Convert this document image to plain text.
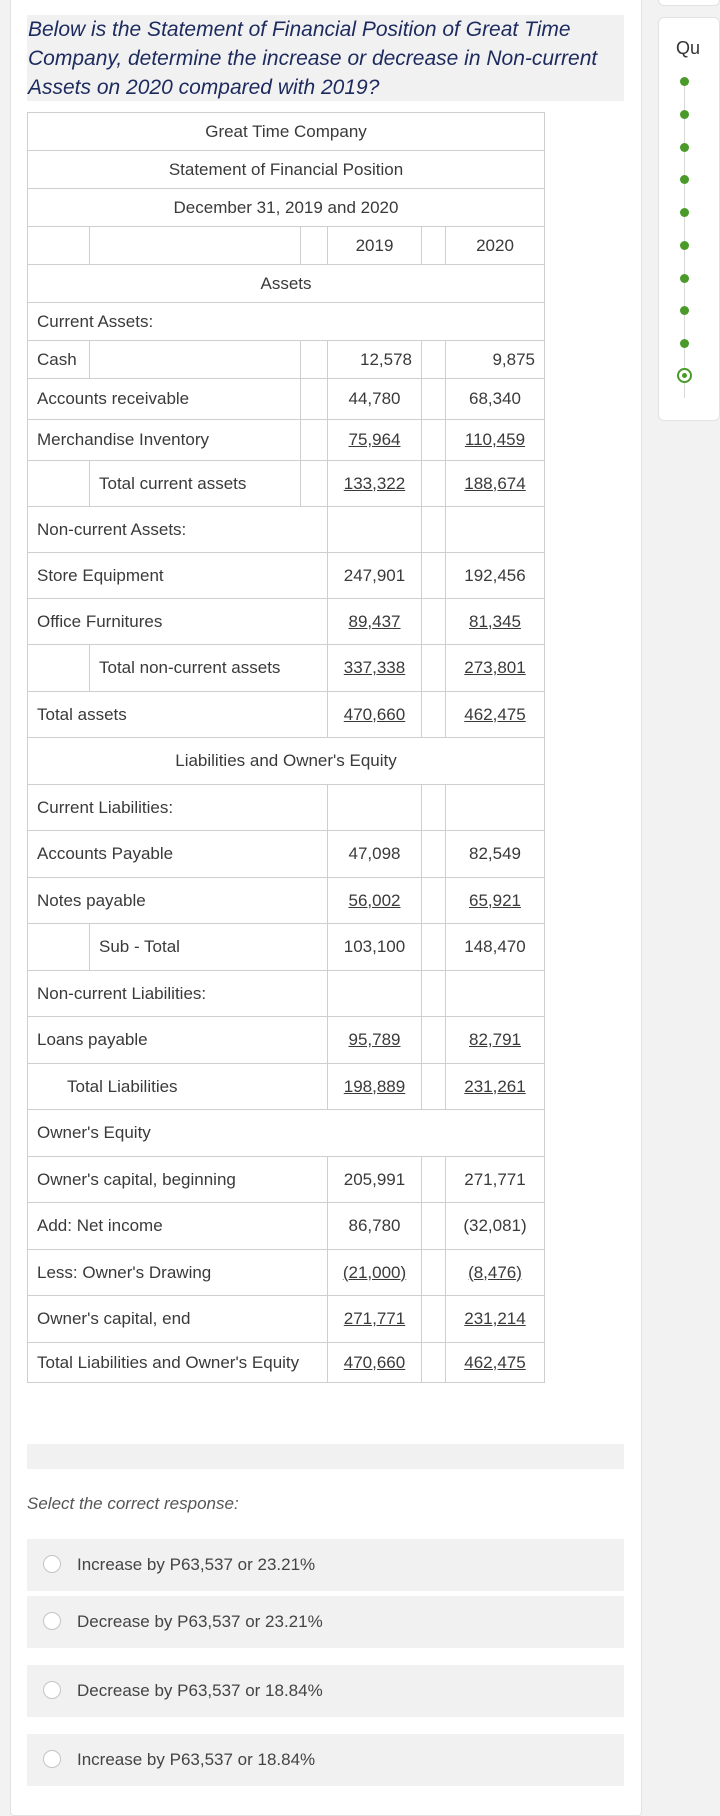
Below is the Statement of Financial Position of Great Time Company, determine the increase or decrease in Non-current Assets on 2020 compared with 2019?

Great Time Company					
Statement of Financial Position					
December 31, 2019 and 2020					
			2019		2020
Assets					
Current Assets:					
Cash			12,578		9,875
Accounts receivable			44,780		68,340
Merchandise Inventory			75,964		110,459
	Total current assets		133,322		188,674
Non-current Assets:					
Store Equipment			247,901		192,456
Office Furnitures			89,437		81,345
	Total non-current assets		337,338		273,801
Total assets			470,660		462,475
Liabilities and Owner's Equity					
Current Liabilities:					
Accounts Payable			47,098		82,549
Notes payable			56,002		65,921
	Sub - Total		103,100		148,470
Non-current Liabilities:					
Loans payable			95,789		82,791
Total Liabilities			198,889		231,261
Owner's Equity					
Owner's capital, beginning			205,991		271,771
Add: Net income			86,780		(32,081)
Less: Owner's Drawing			(21,000)		(8,476)
Owner's capital, end			271,771		231,214
Total Liabilities and Owner's Equity			470,660		462,475
Select the correct response:
Increase by P63,537 or 23.21%
Decrease by P63,537 or 23.21%
Decrease by P63,537 or 18.84%
Increase by P63,537 or 18.84%
Qu
